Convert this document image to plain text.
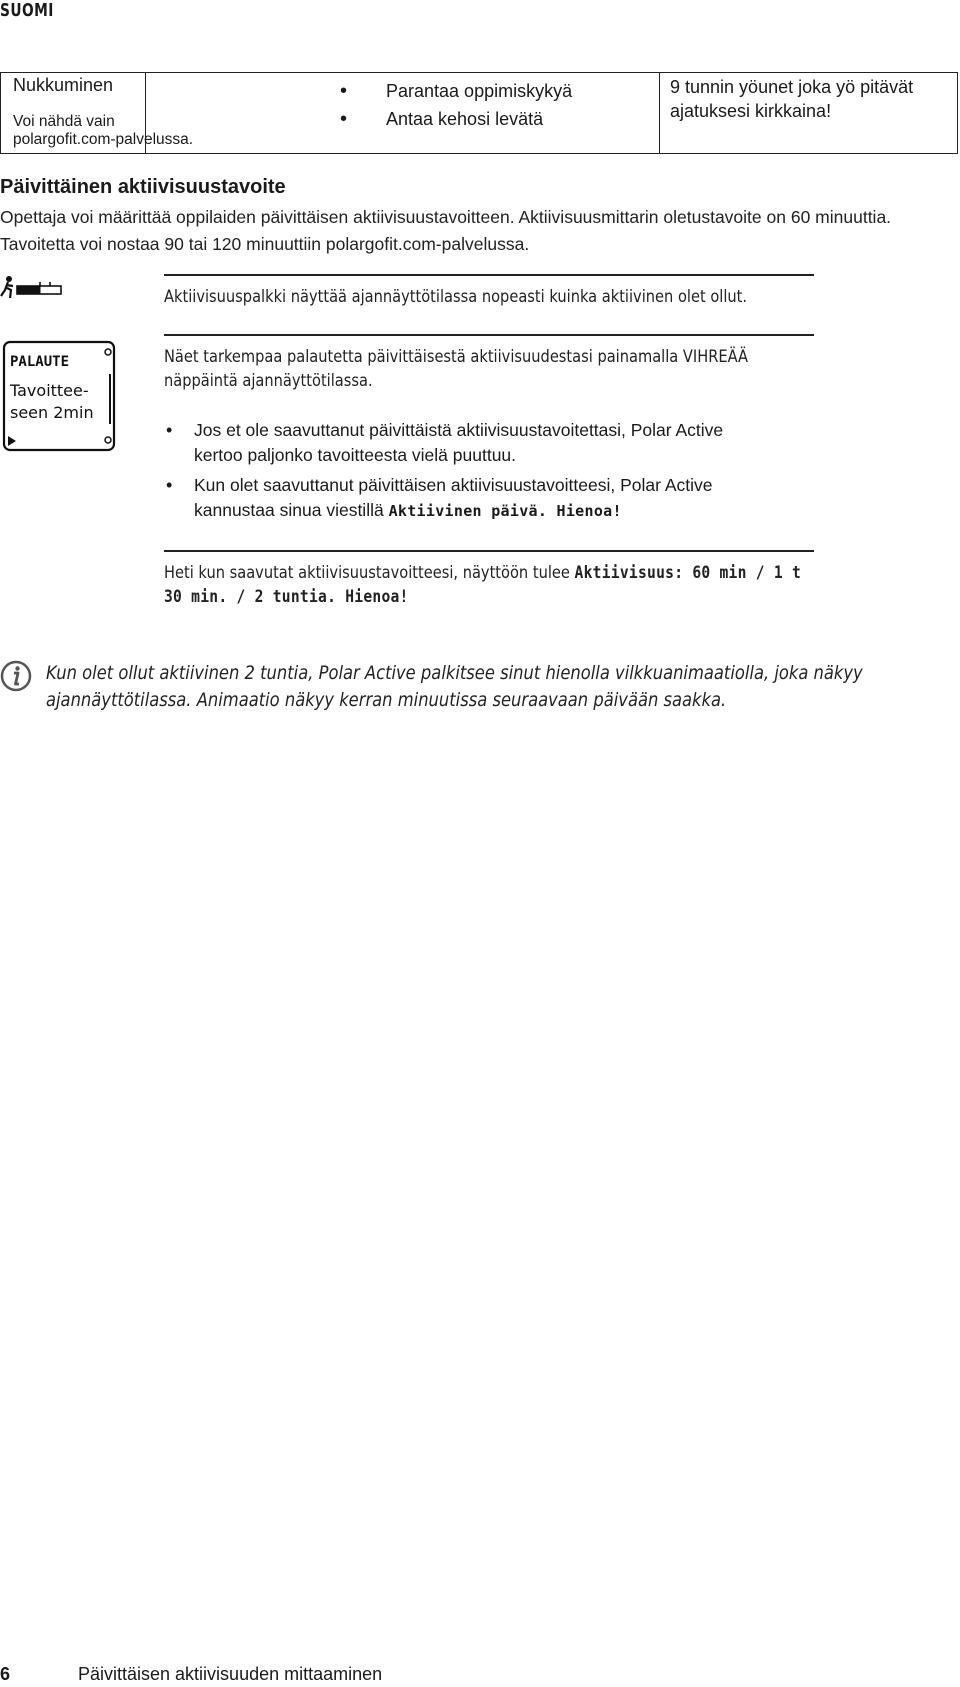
SUOMI
Nukkuminen
Voi nähdä vain
polargofit.com-palvelussa.
• Parantaa oppimiskykyä
• Antaa kehosi levätä
9 tunnin yöunet joka yö pitävät ajatuksesi kirkkaina!
Päivittäinen aktiivisuustavoite
Opettaja voi määrittää oppilaiden päivittäisen aktiivisuustavoitteen. Aktiivisuusmittarin oletustavoite on 60 minuuttia. Tavoitetta voi nostaa 90 tai 120 minuuttiin polargofit.com-palvelussa.
Aktiivisuuspalkki näyttää ajannäyttötilassa nopeasti kuinka aktiivinen olet ollut.
PALAUTE
Tavoittee-
seen 2min
Näet tarkempaa palautetta päivittäisestä aktiivisuudestasi painamalla VIHREÄÄ
näppäintä ajannäyttötilassa.
• Jos et ole saavuttanut päivittäistä aktiivisuustavoitettasi, Polar Active
kertoo paljonko tavoitteesta vielä puuttuu.
• Kun olet saavuttanut päivittäisen aktiivisuustavoitteesi, Polar Active
kannustaa sinua viestillä Aktiivinen päivä. Hienoa!
Heti kun saavutat aktiivisuustavoitteesi, näyttöön tulee Aktiivisuus: 60 min / 1 t
30 min. / 2 tuntia. Hienoa!
Kun olet ollut aktiivinen 2 tuntia, Polar Active palkitsee sinut hienolla vilkkuanimaatiolla, joka näkyy
ajannäyttötilassa. Animaatio näkyy kerran minuutissa seuraavaan päivään saakka.
6	Päivittäisen aktiivisuuden mittaaminen
